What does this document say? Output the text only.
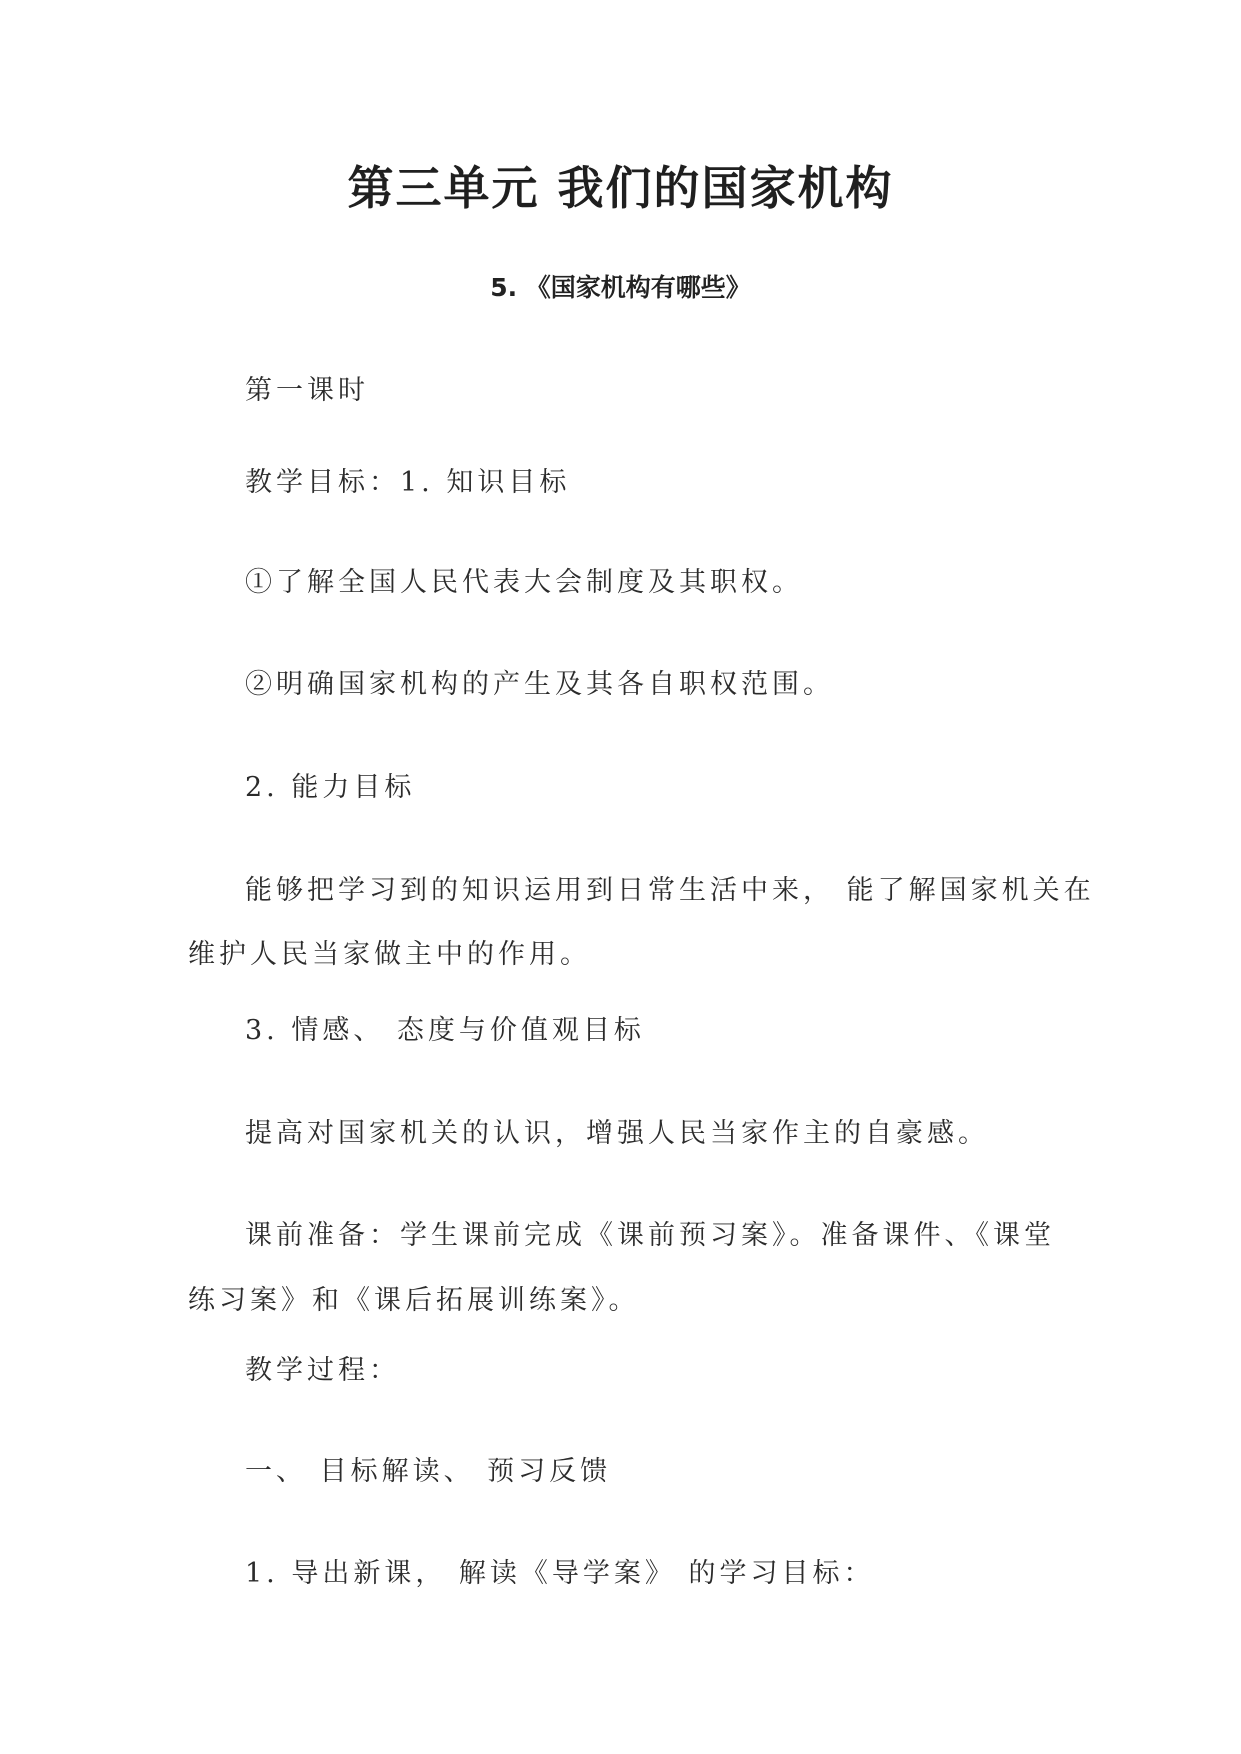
第三单元 我们的国家机构
5. 《国家机构有哪些》
第一课时
教学目标：1. 知识目标
①了解全国人民代表大会制度及其职权。
②明确国家机构的产生及其各自职权范围。
2. 能力目标
能够把学习到的知识运用到日常生活中来， 能了解国家机关在
维护人民当家做主中的作用。
3. 情感、 态度与价值观目标
提高对国家机关的认识，增强人民当家作主的自豪感。
课前准备：学生课前完成《课前预习案》。准备课件、《课堂
练习案》和《课后拓展训练案》。
教学过程：
一、 目标解读、 预习反馈
1. 导出新课， 解读《导学案》 的学习目标：
